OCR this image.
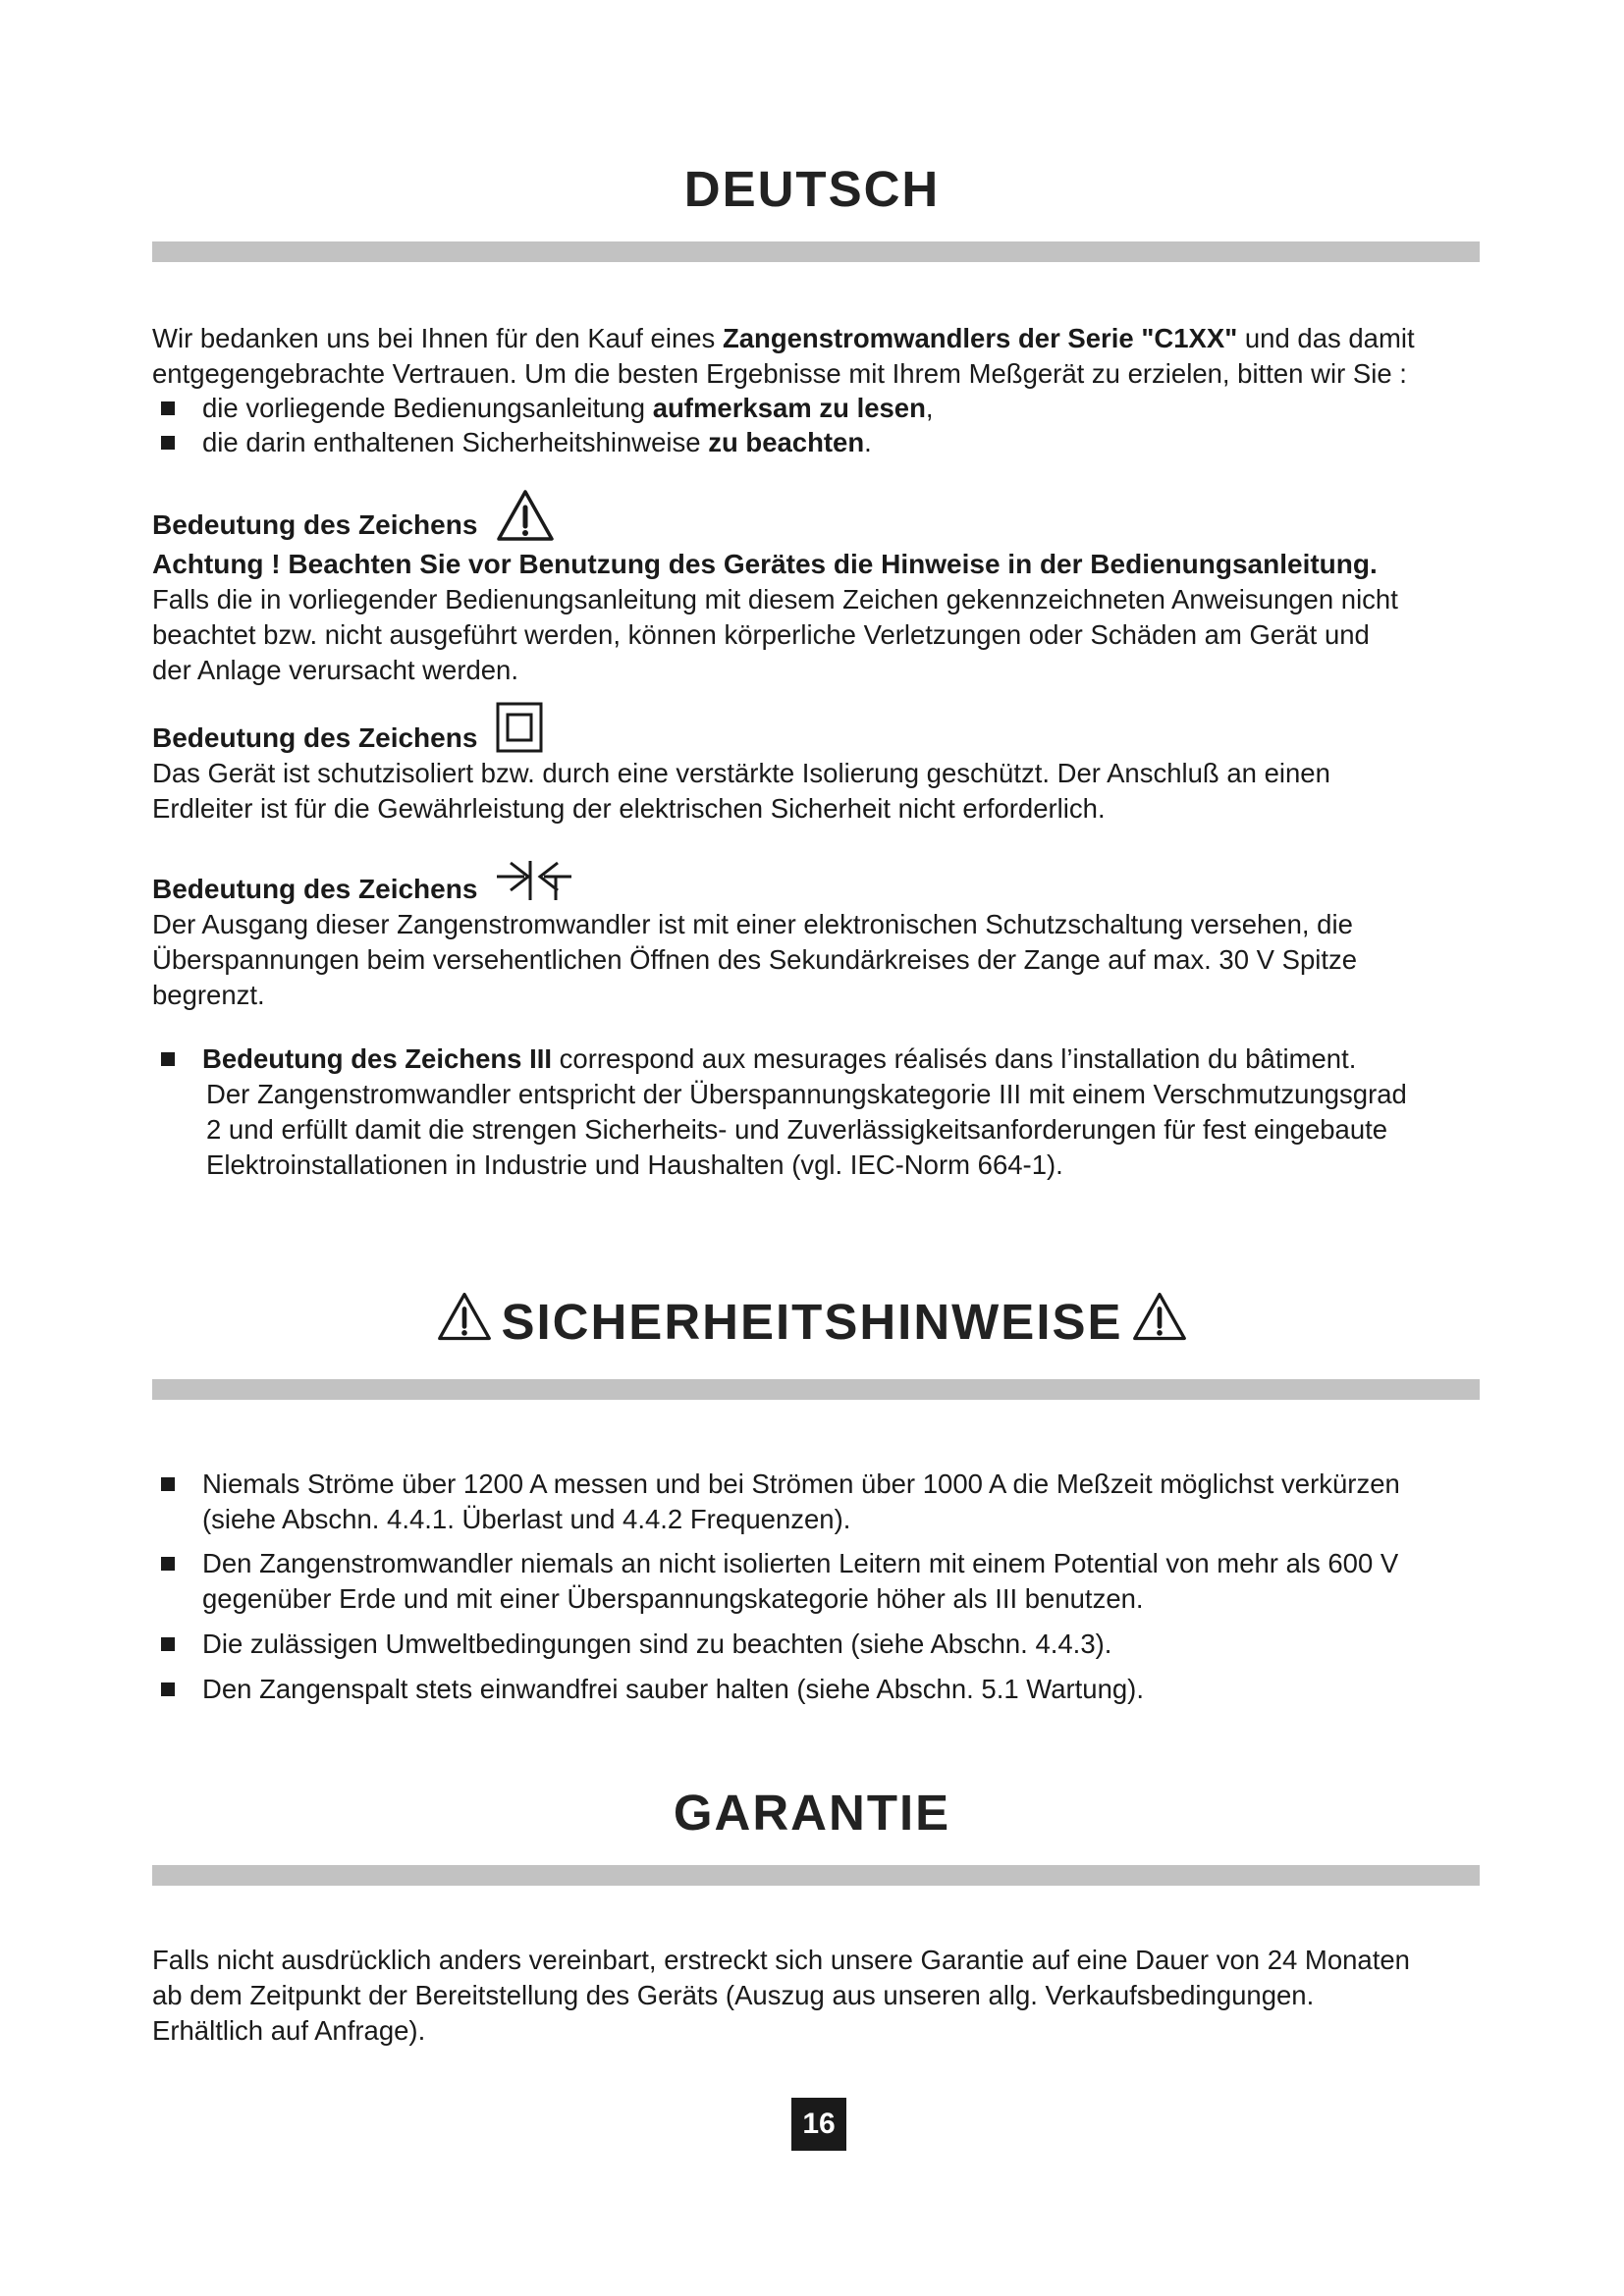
DEUTSCH

Wir bedanken uns bei Ihnen für den Kauf eines Zangenstromwandlers der Serie "C1XX" und das damit

entgegengebrachte Vertrauen. Um die besten Ergebnisse mit Ihrem Meßgerät zu erzielen, bitten wir Sie :

die vorliegende Bedienungsanleitung aufmerksam zu lesen,
die darin enthaltenen Sicherheitshinweise zu beachten.

Bedeutung des Zeichens

Achtung ! Beachten Sie vor Benutzung des Gerätes die Hinweise in der Bedienungsanleitung.

Falls die in vorliegender Bedienungsanleitung mit diesem Zeichen gekennzeichneten Anweisungen nicht

beachtet bzw. nicht ausgeführt werden, können körperliche Verletzungen oder Schäden am Gerät und

der Anlage verursacht werden.

Bedeutung des Zeichens

Das Gerät ist schutzisoliert bzw. durch eine verstärkte Isolierung geschützt. Der Anschluß an einen

Erdleiter ist für die Gewährleistung der elektrischen Sicherheit nicht erforderlich.

Bedeutung des Zeichens

Der Ausgang dieser Zangenstromwandler ist mit einer elektronischen Schutzschaltung versehen, die

Überspannungen beim versehentlichen Öffnen des Sekundärkreises der Zange auf max. 30 V Spitze

begrenzt.

Bedeutung des Zeichens III correspond aux mesurages réalisés dans l’installation du bâtiment.
Der Zangenstromwandler entspricht der Überspannungskategorie III mit einem Verschmutzungsgrad
2 und erfüllt damit die strengen Sicherheits- und Zuverlässigkeitsanforderungen für fest eingebaute
Elektroinstallationen in Industrie und Haushalten (vgl. IEC-Norm 664-1).
SICHERHEITSHINWEISE
Niemals Ströme über 1200 A messen und bei Strömen über 1000 A die Meßzeit möglichst verkürzen
(siehe Abschn. 4.4.1. Überlast und 4.4.2 Frequenzen).
Den Zangenstromwandler niemals an nicht isolierten Leitern mit einem Potential von mehr als 600 V
gegenüber Erde und mit einer Überspannungskategorie höher als III benutzen.
Die zulässigen Umweltbedingungen sind zu beachten (siehe Abschn. 4.4.3).
Den Zangenspalt stets einwandfrei sauber halten (siehe Abschn. 5.1 Wartung).
GARANTIE

Falls nicht ausdrücklich anders vereinbart, erstreckt sich unsere Garantie auf eine Dauer von 24 Monaten

ab dem Zeitpunkt der Bereitstellung des Geräts (Auszug aus unseren allg. Verkaufsbedingungen.

Erhältlich auf Anfrage).

16
